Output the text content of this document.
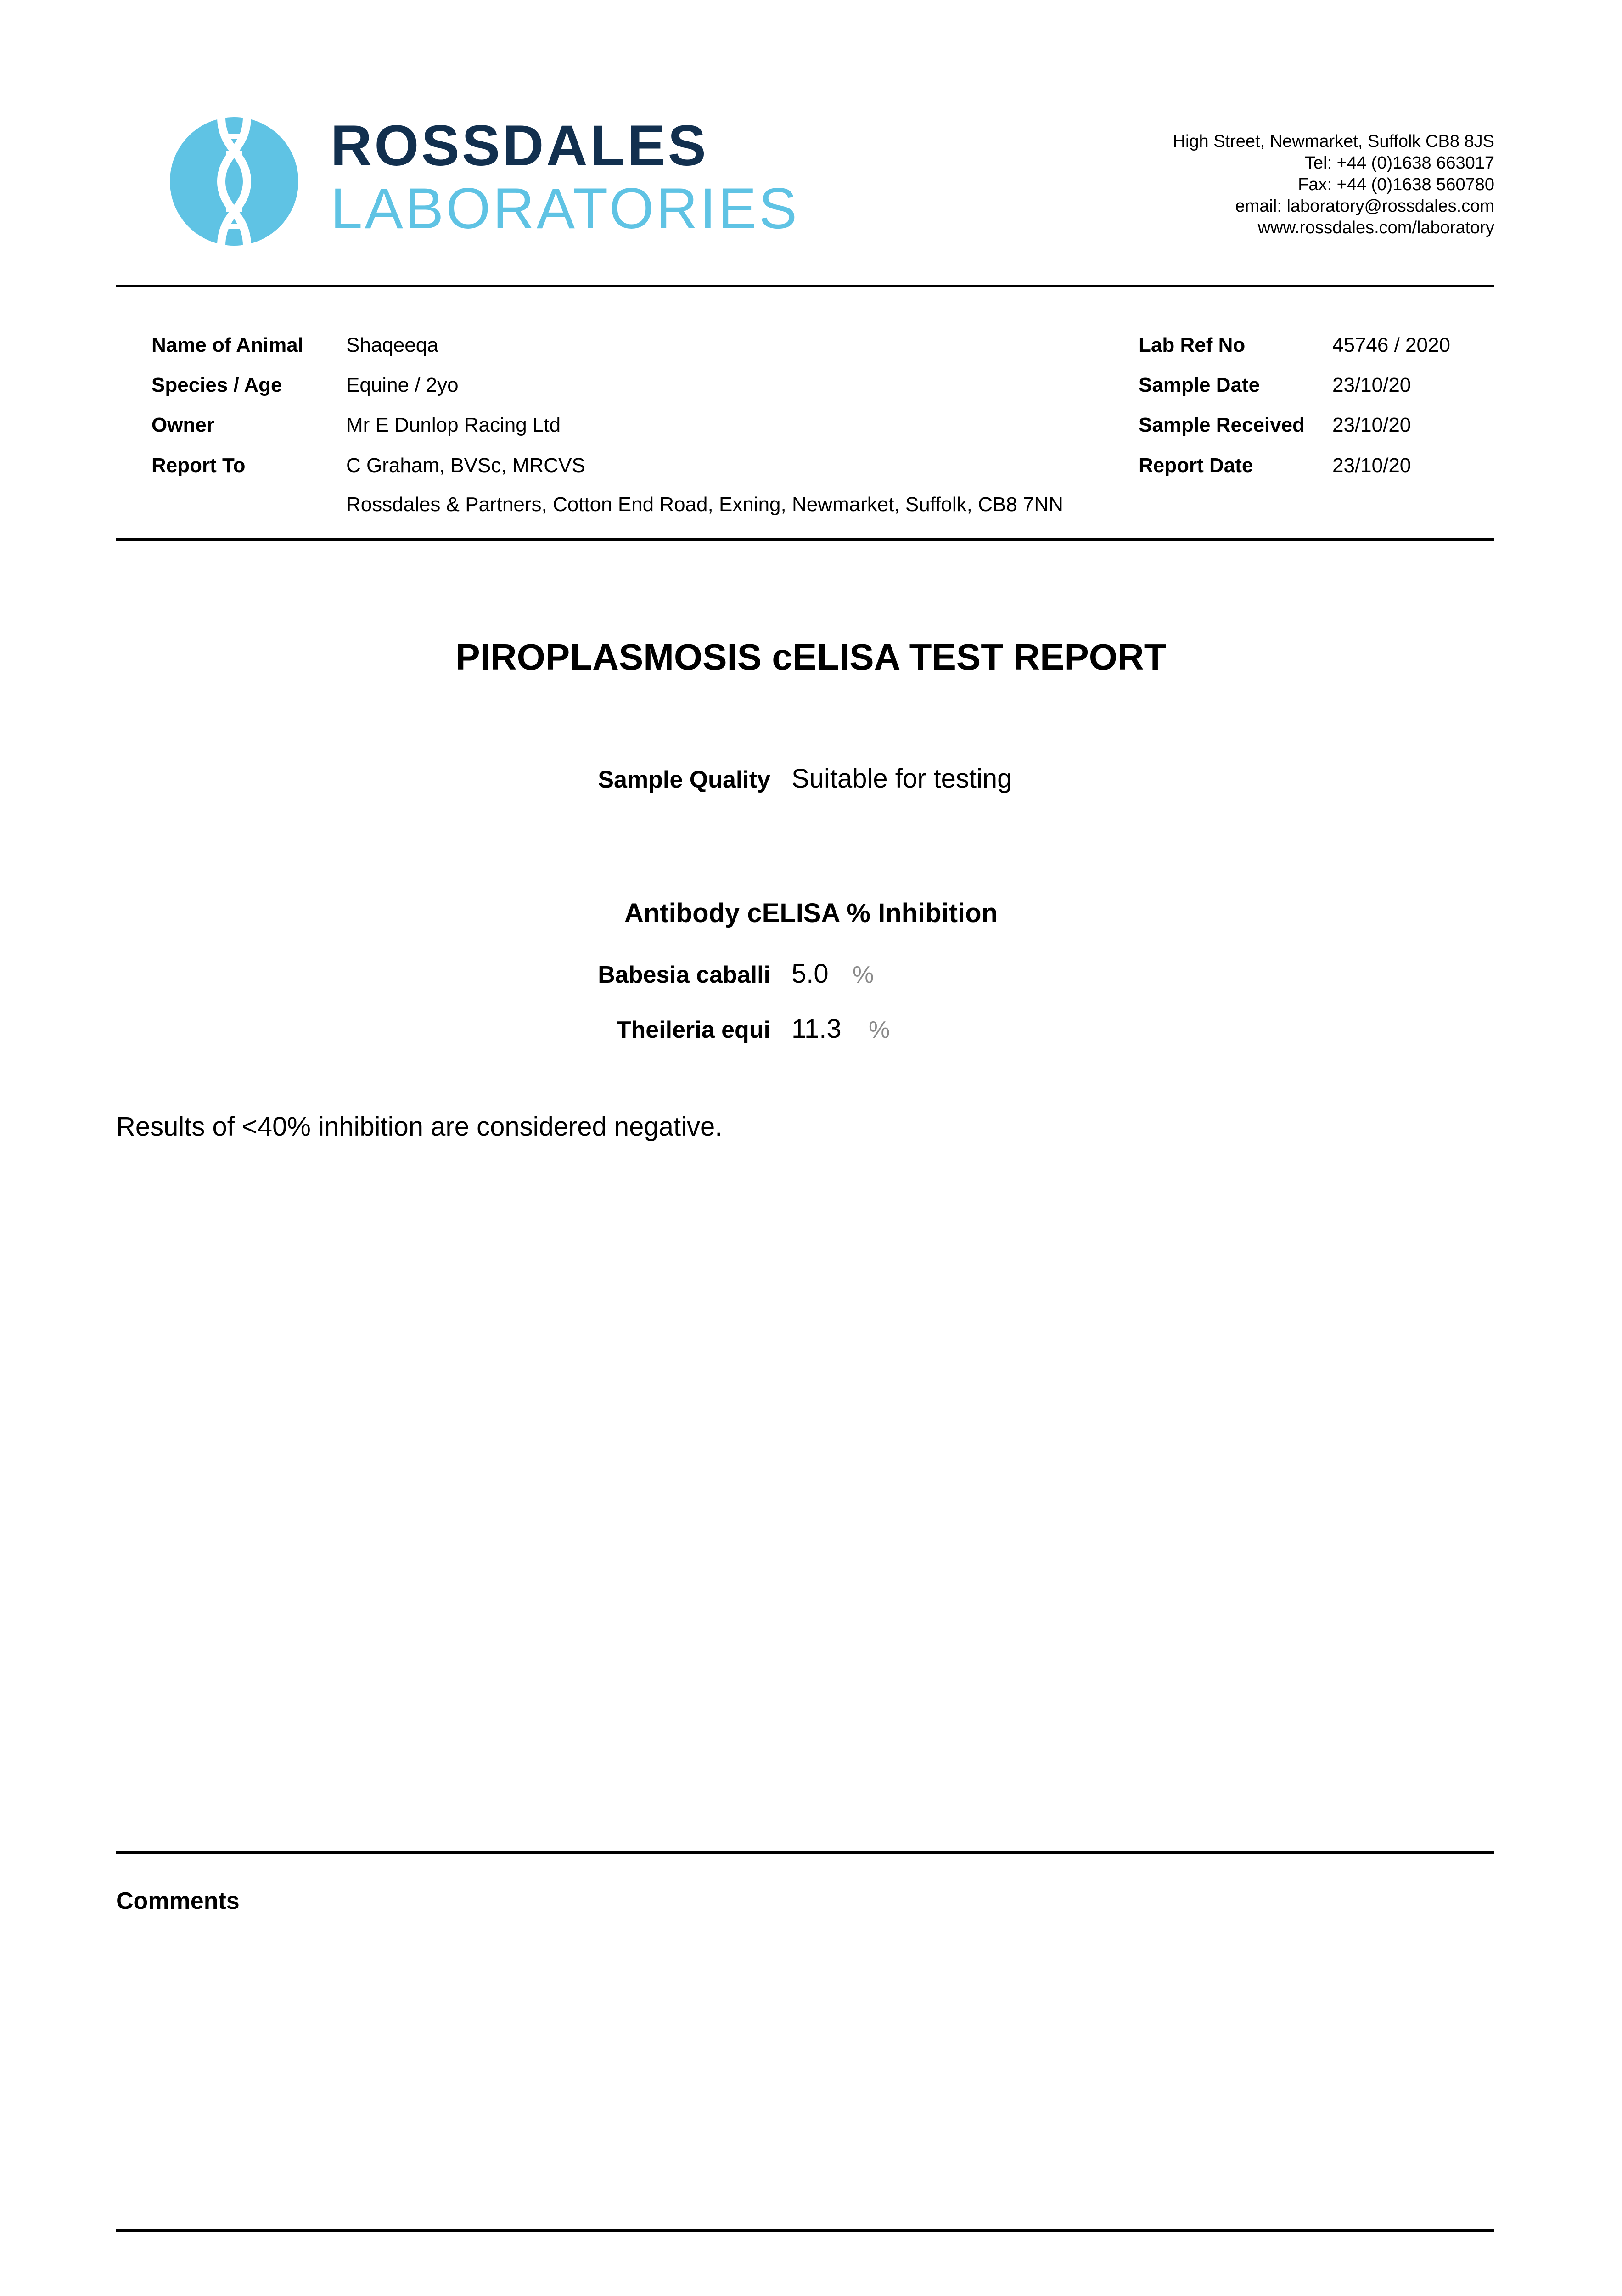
ROSSDALES
LABORATORIES
High Street, Newmarket, Suffolk CB8 8JS
Tel: +44 (0)1638 663017
Fax: +44 (0)1638 560780
email: laboratory@rossdales.com
www.rossdales.com/laboratory
Name of Animal Shaqeeqa
Species / Age	Equine / 2yo
Owner	Mr E Dunlop Racing Ltd
Report To	C Graham, BVSc, MRCVS
Rossdales & Partners, Cotton End Road, Exning, Newmarket, Suffolk, CB8 7NN
Lab Ref No	45746 / 2020
Sample Date	23/10/20
Sample Received 23/10/20
Report Date	23/10/20
PIROPLASMOSIS cELISA TEST REPORT
Sample Quality Suitable for testing
Antibody cELISA % Inhibition
Babesia caballi 5.0 %
Theileria equi 11.3 %
Results of <40% inhibition are considered negative.
Comments
